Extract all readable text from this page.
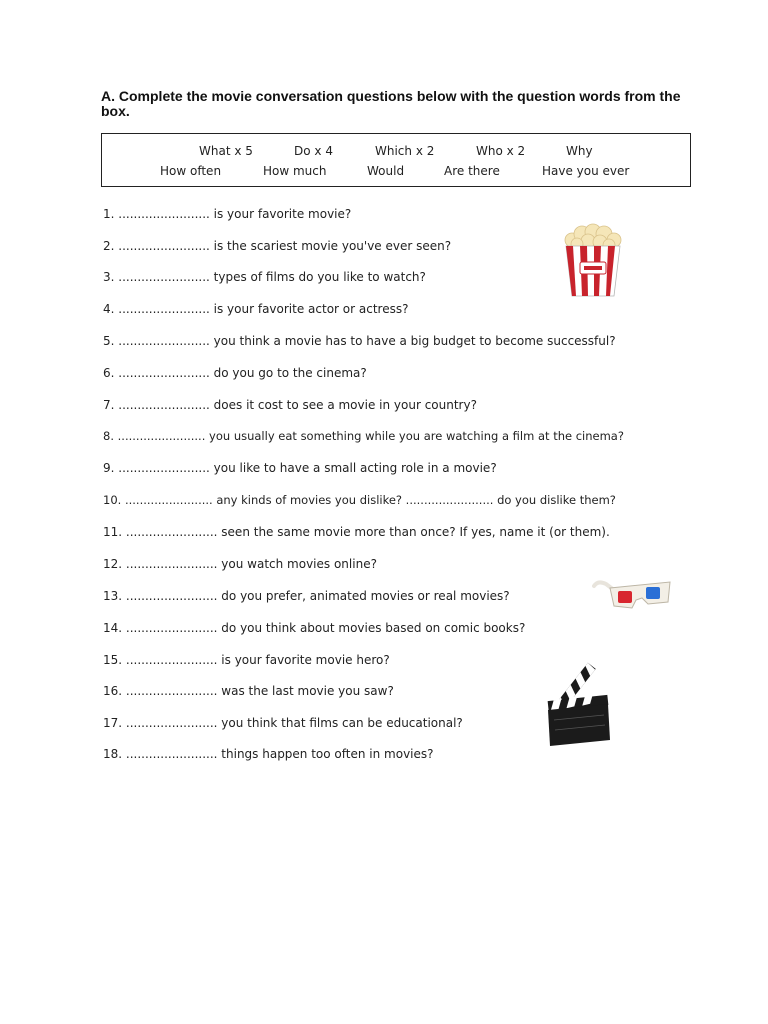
A. Complete the movie conversation questions below with the question words from the box.
What x 5	Do x 4	Which x 2	Who x 2	Why
How often	How much	Would	Are there	Have you ever
1. ........................ is your favorite movie?
2. ........................ is the scariest movie you've ever seen?
3. ........................ types of films do you like to watch?
4. ........................ is your favorite actor or actress?
5. ........................ you think a movie has to have a big budget to become successful?
6. ........................ do you go to the cinema?
7. ........................ does it cost to see a movie in your country?
8. ........................ you usually eat something while you are watching a film at the cinema?
9. ........................ you like to have a small acting role in a movie?
10. ........................ any kinds of movies you dislike? ........................ do you dislike them?
11. ........................ seen the same movie more than once? If yes, name it (or them).
12. ........................ you watch movies online?
13. ........................ do you prefer, animated movies or real movies?
14. ........................ do you think about movies based on comic books?
15. ........................ is your favorite movie hero?
16. ........................ was the last movie you saw?
17. ........................ you think that films can be educational?
18. ........................ things happen too often in movies?
